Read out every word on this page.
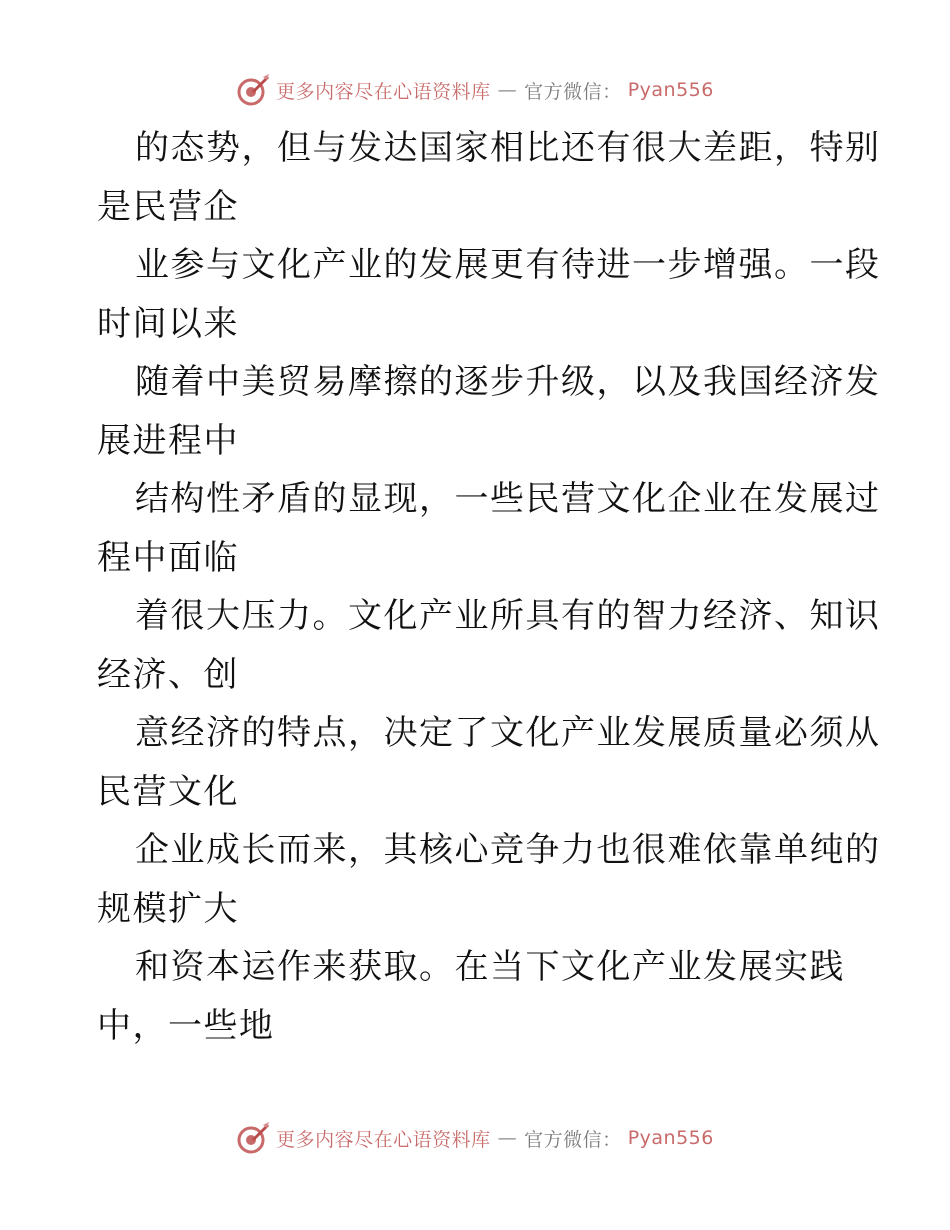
更多内容尽在心语资料库 — 官方微信： Pyan556
的态势，但与发达国家相比还有很大差距，特别
是民营企
业参与文化产业的发展更有待进一步增强。一段
时间以来
随着中美贸易摩擦的逐步升级，以及我国经济发
展进程中
结构性矛盾的显现，一些民营文化企业在发展过
程中面临
着很大压力。文化产业所具有的智力经济、知识
经济、创
意经济的特点，决定了文化产业发展质量必须从
民营文化
企业成长而来，其核心竞争力也很难依靠单纯的
规模扩大
和资本运作来获取。在当下文化产业发展实践
中，一些地
更多内容尽在心语资料库 — 官方微信： Pyan556
